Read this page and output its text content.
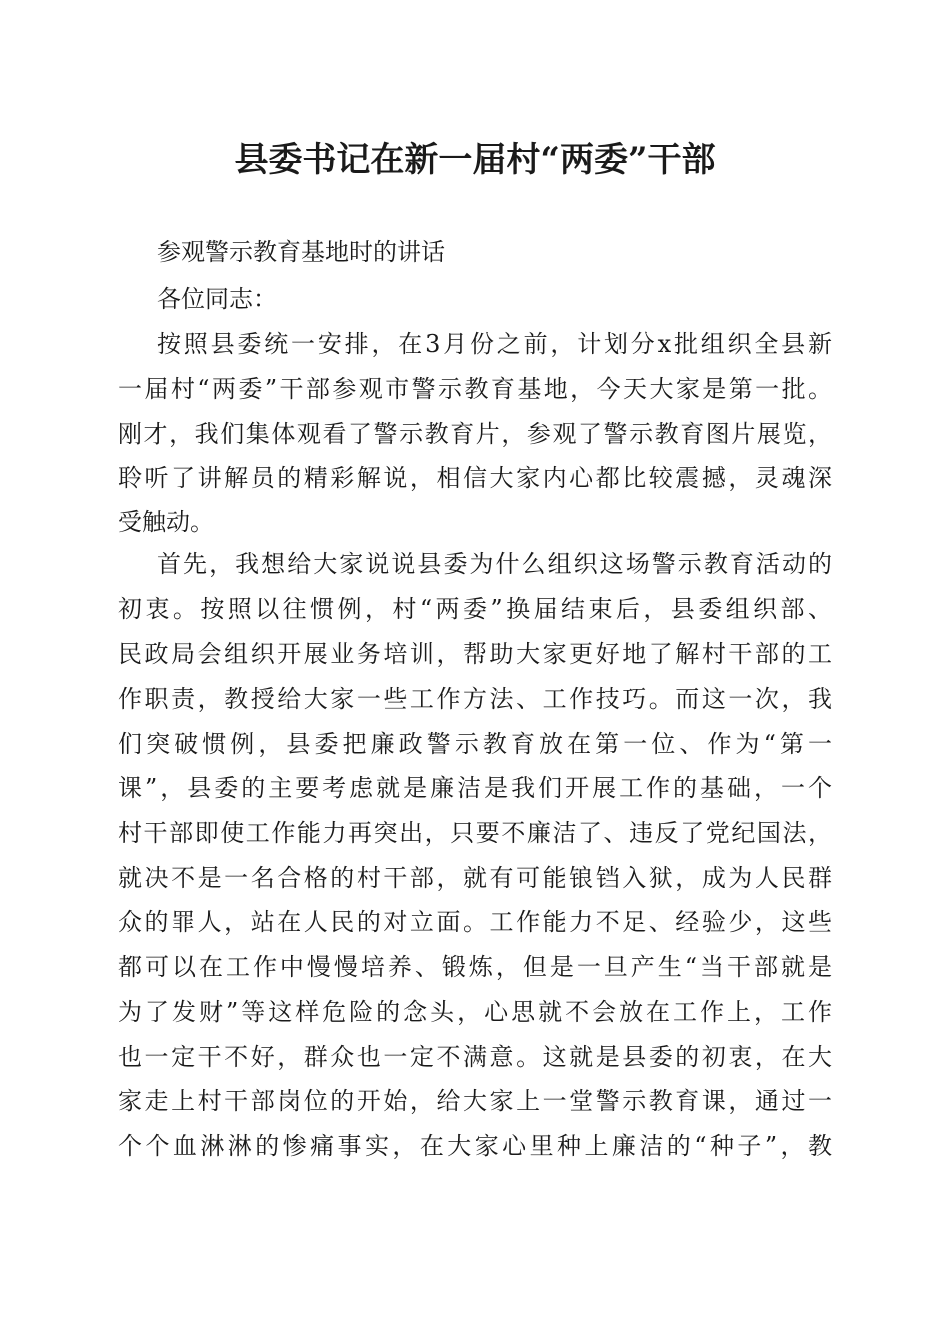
县委书记在新一届村“两委”干部
参观警示教育基地时的讲话
各位同志：
按照县委统一安排，在3月份之前，计划分x批组织全县新
一届村“两委”干部参观市警示教育基地，今天大家是第一批。
刚才，我们集体观看了警示教育片，参观了警示教育图片展览，
聆听了讲解员的精彩解说，相信大家内心都比较震撼，灵魂深
受触动。
首先，我想给大家说说县委为什么组织这场警示教育活动的
初衷。按照以往惯例，村“两委”换届结束后，县委组织部、
民政局会组织开展业务培训，帮助大家更好地了解村干部的工
作职责，教授给大家一些工作方法、工作技巧。而这一次，我
们突破惯例，县委把廉政警示教育放在第一位、作为“第一
课”，县委的主要考虑就是廉洁是我们开展工作的基础，一个
村干部即使工作能力再突出，只要不廉洁了、违反了党纪国法，
就决不是一名合格的村干部，就有可能锒铛入狱，成为人民群
众的罪人，站在人民的对立面。工作能力不足、经验少，这些
都可以在工作中慢慢培养、锻炼，但是一旦产生“当干部就是
为了发财”等这样危险的念头，心思就不会放在工作上，工作
也一定干不好，群众也一定不满意。这就是县委的初衷，在大
家走上村干部岗位的开始，给大家上一堂警示教育课，通过一
个个血淋淋的惨痛事实，在大家心里种上廉洁的“种子”，教
